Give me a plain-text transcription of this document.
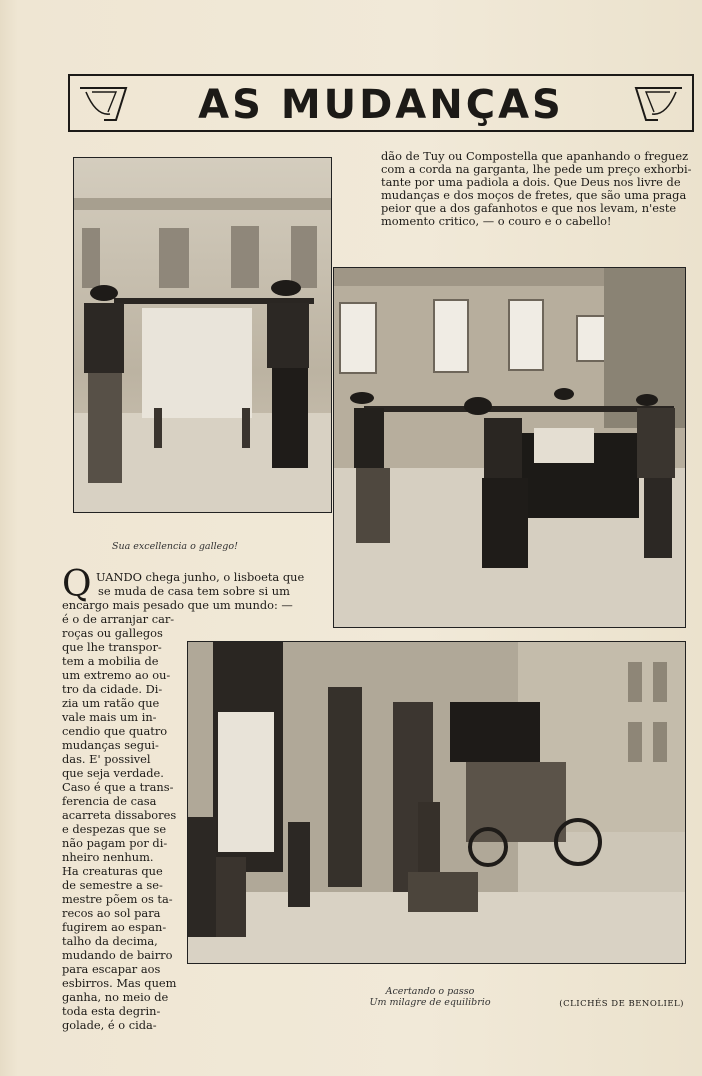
AS MUDANÇAS
Sua excellencia o gallego!
dão de Tuy ou Compostella que apanhando o freguez
com a corda na garganta, lhe pede um preço exhorbi-
tante por uma padiola a dois. Que Deus nos livre de
mudanças e dos moços de fretes, que são uma praga
peior que a dos gafanhotos e que nos levam, n'este
momento critico, — o couro e o cabello!
Q UANDO chega junho, o lisboeta que
se muda de casa tem sobre si um
encargo mais pesado que um mundo: —
é o de arranjar car-
roças ou gallegos
que lhe transpor-
tem a mobilia de
um extremo ao ou-
tro da cidade. Di-
zia um ratão que
vale mais um in-
cendio que quatro
mudanças segui-
das. E' possivel
que seja verdade.
Caso é que a trans-
ferencia de casa
acarreta dissabores
e despezas que se
não pagam por di-
nheiro nenhum.
Ha creaturas que
de semestre a se-
mestre põem os ta-
recos ao sol para
fugirem ao espan-
talho da decima,
mudando de bairro
para escapar aos
esbirros. Mas quem
ganha, no meio de
toda esta degrin-
golade, é o cida-
Acertando o passo
Um milagre de equilibrio	(CLICHÉS DE BENOLIEL)
